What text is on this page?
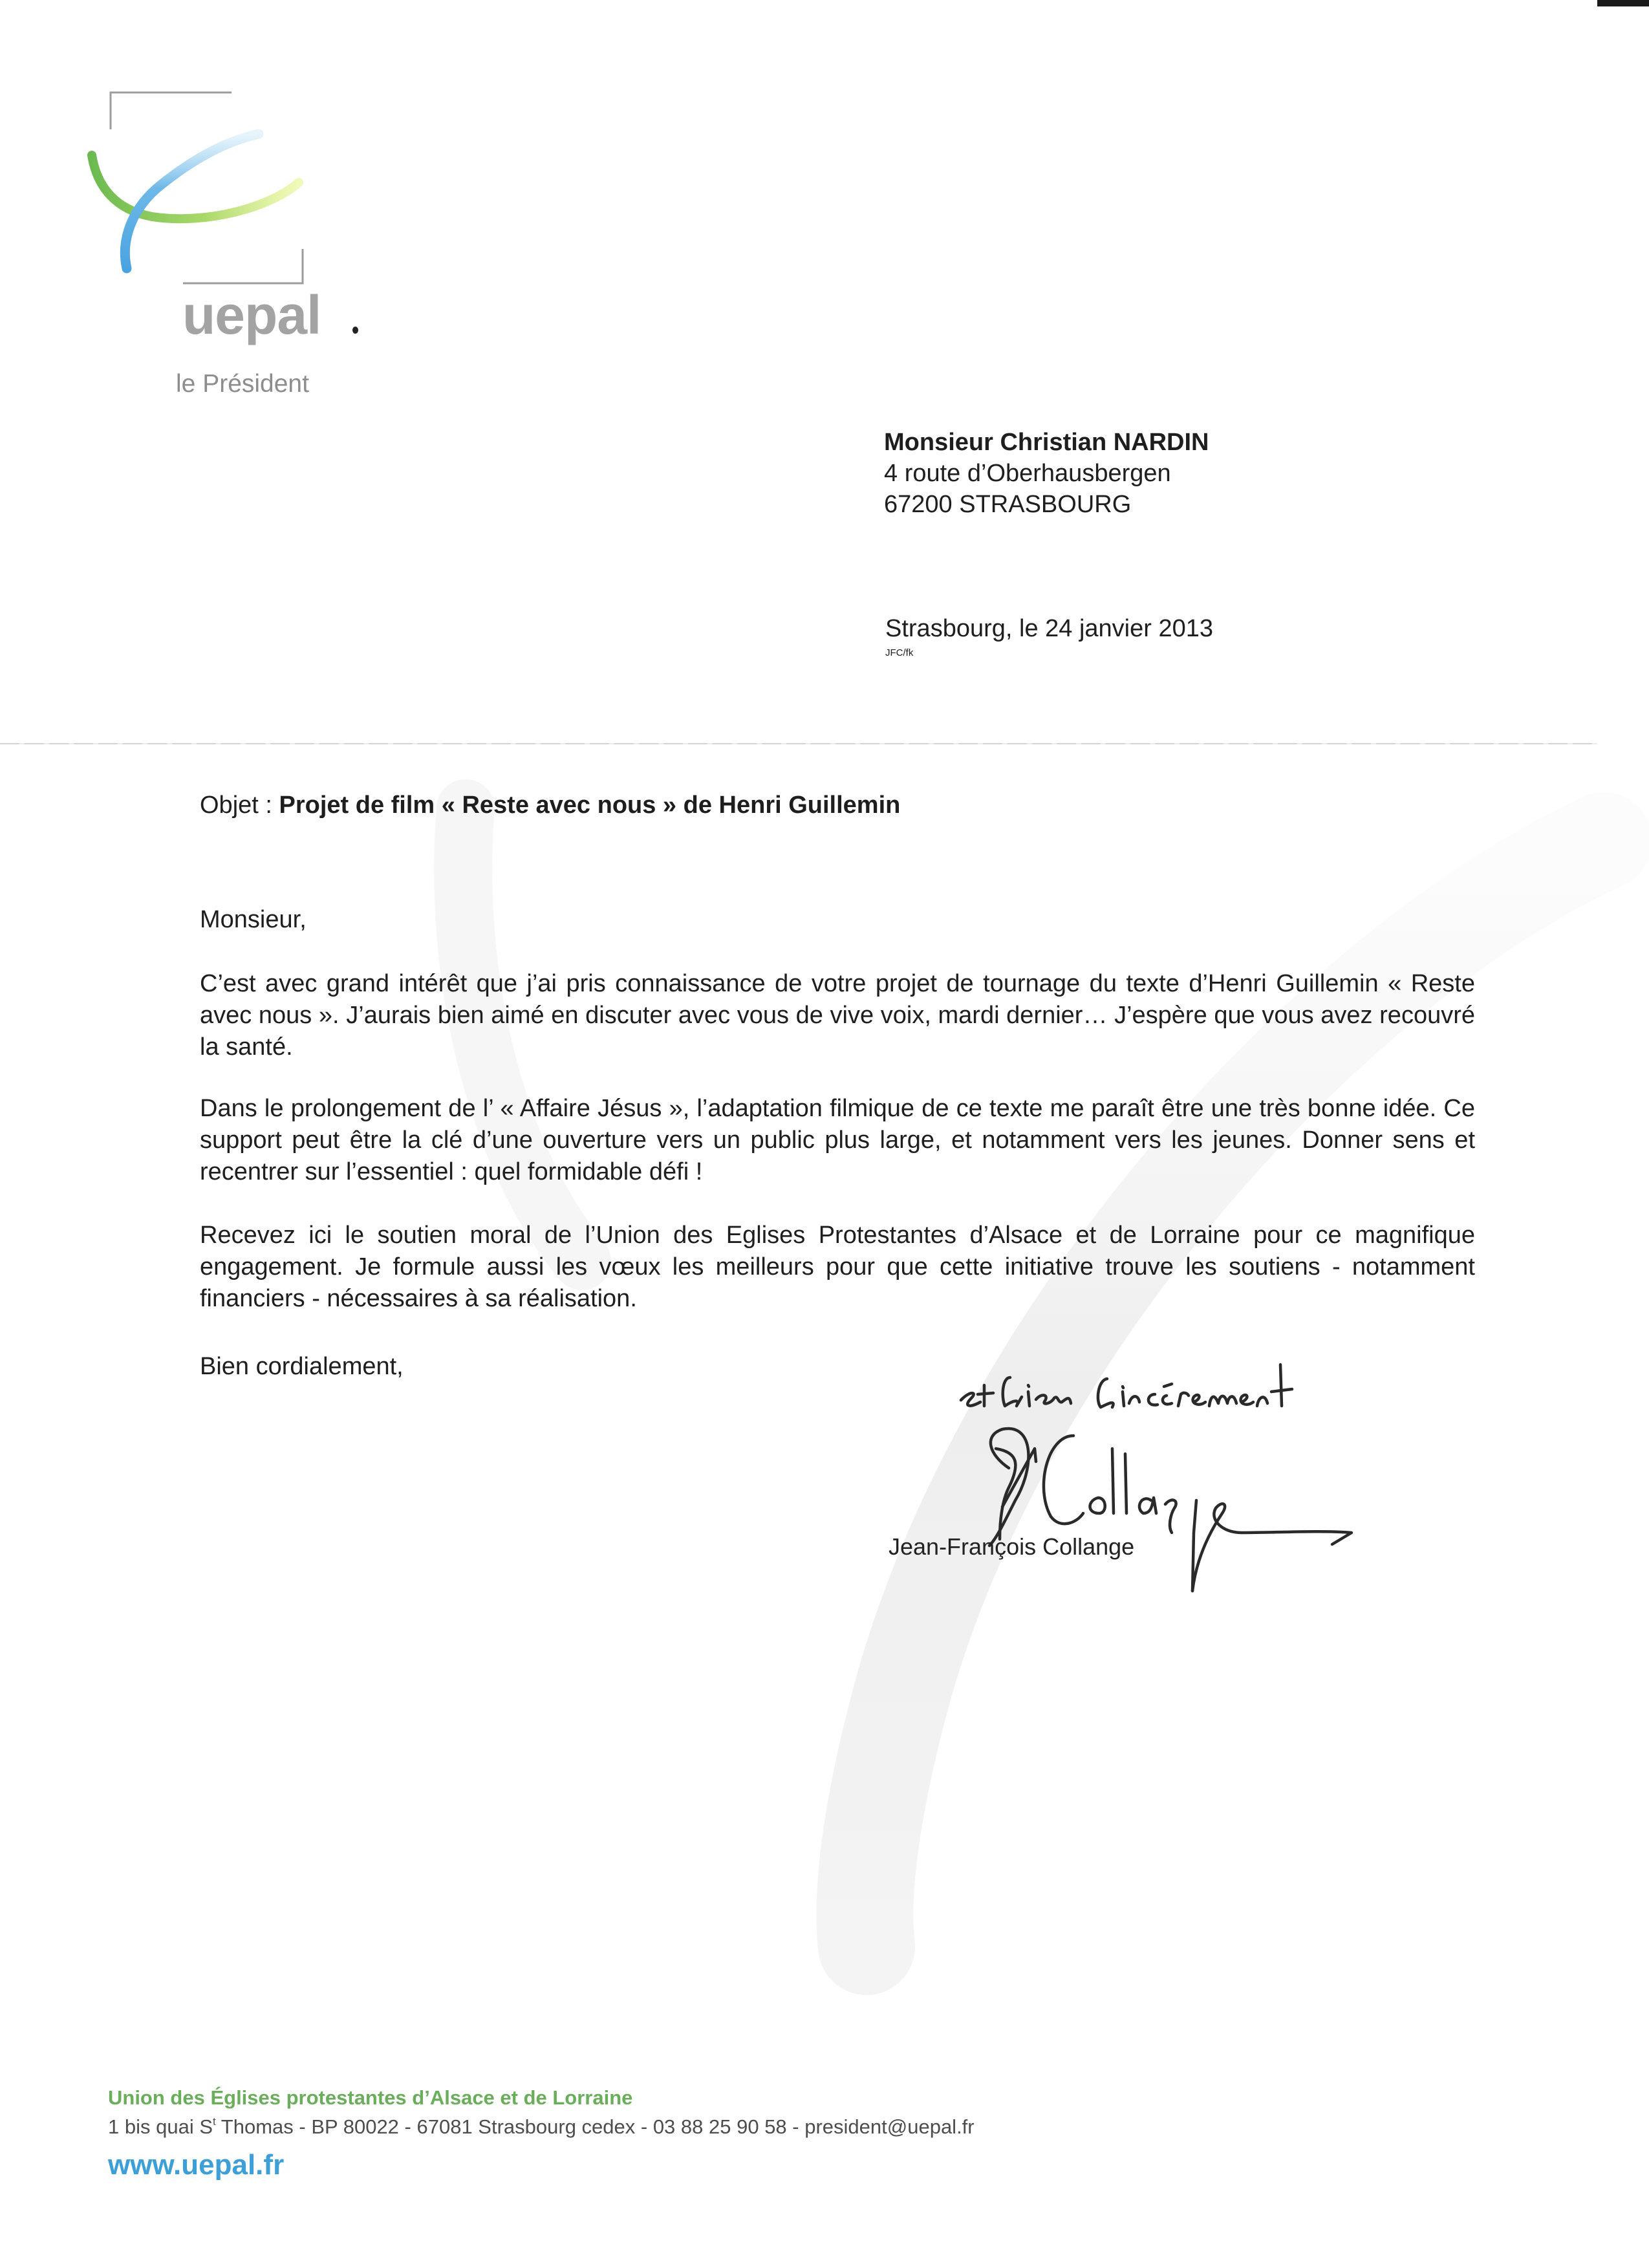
uepal
le Président
Monsieur Christian NARDIN
4 route d’Oberhausbergen
67200 STRASBOURG
Strasbourg, le 24 janvier 2013
JFC/fk
Objet : Projet de film « Reste avec nous » de Henri Guillemin
Monsieur,
C’est avec grand intérêt que j’ai pris connaissance de votre projet de tournage du texte d’Henri Guillemin « Reste avec nous ». J’aurais bien aimé en discuter avec vous de vive voix, mardi dernier… J’espère que vous avez recouvré la santé.
Dans le prolongement de l’ « Affaire Jésus », l’adaptation filmique de ce texte me paraît être une très bonne idée. Ce support peut être la clé d’une ouverture vers un public plus large, et notamment vers les jeunes. Donner sens et recentrer sur l’essentiel : quel formidable défi !
Recevez ici le soutien moral de l’Union des Eglises Protestantes d’Alsace et de Lorraine pour ce magnifique engagement. Je formule aussi les vœux les meilleurs pour que cette initiative trouve les soutiens - notamment financiers - nécessaires à sa réalisation.
Bien cordialement,
Jean-François Collange
Union des Églises protestantes d’Alsace et de Lorraine
1 bis quai $S^t$ Thomas - BP 80022 - 67081 Strasbourg cedex - 03 88 25 90 58 - president@uepal.fr
www.uepal.fr
